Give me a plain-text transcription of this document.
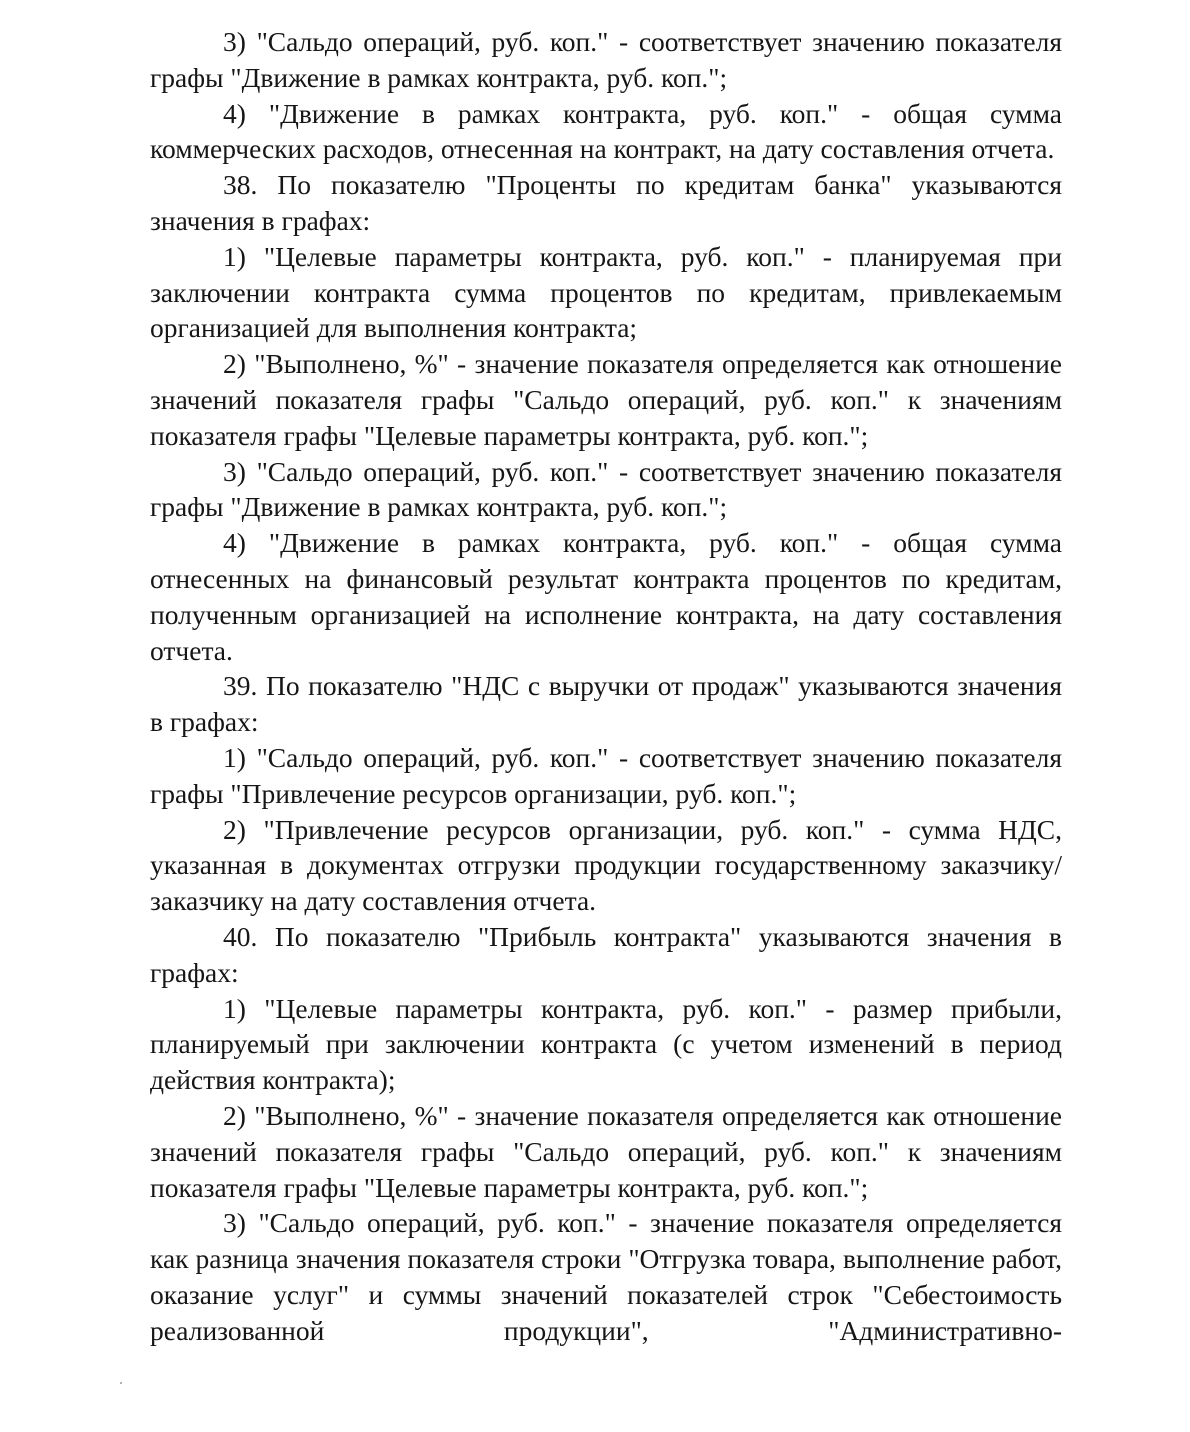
3) "Сальдо операций, руб. коп." - соответствует значению показателя графы "Движение в рамках контракта, руб. коп.";

4) "Движение в рамках контракта, руб. коп." - общая сумма коммерческих расходов, отнесенная на контракт, на дату составления отчета.

38. По показателю "Проценты по кредитам банка" указываются значения в графах:

1) "Целевые параметры контракта, руб. коп." - планируемая при заключении контракта сумма процентов по кредитам, привлекаемым организацией для выполнения контракта;

2) "Выполнено, %" - значение показателя определяется как отношение значений показателя графы "Сальдо операций, руб. коп." к значениям показателя графы "Целевые параметры контракта, руб. коп.";

3) "Сальдо операций, руб. коп." - соответствует значению показателя графы "Движение в рамках контракта, руб. коп.";

4) "Движение в рамках контракта, руб. коп." - общая сумма отнесенных на финансовый результат контракта процентов по кредитам, полученным организацией на исполнение контракта, на дату составления отчета.

39. По показателю "НДС с выручки от продаж" указываются значения в графах:

1) "Сальдо операций, руб. коп." - соответствует значению показателя графы "Привлечение ресурсов организации, руб. коп.";

2) "Привлечение ресурсов организации, руб. коп." - сумма НДС, указанная в документах отгрузки продукции государственному заказчику/заказчику на дату составления отчета.

40. По показателю "Прибыль контракта" указываются значения в графах:

1) "Целевые параметры контракта, руб. коп." - размер прибыли, планируемый при заключении контракта (с учетом изменений в период действия контракта);

2) "Выполнено, %" - значение показателя определяется как отношение значений показателя графы "Сальдо операций, руб. коп." к значениям показателя графы "Целевые параметры контракта, руб. коп.";

3) "Сальдо операций, руб. коп." - значение показателя определяется как разница значения показателя строки "Отгрузка товара, выполнение работ, оказание услуг" и суммы значений показателей строк "Себестоимость реализованной продукции", "Административно-
